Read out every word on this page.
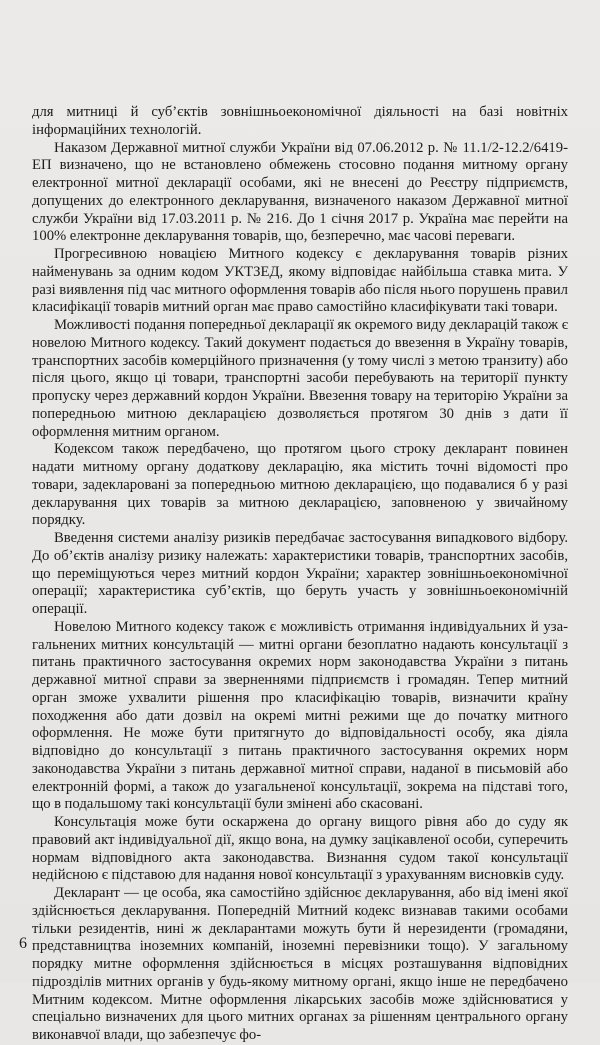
для митниці й суб’єктів зовнішньоекономічної діяльності на базі новітніх інформаційних технологій.

Наказом Державної митної служби України від 07.06.2012 р. № 11.1/2-12.2/6419-ЕП визначено, що не встановлено обмежень стосовно подання митному органу електронної митної декларації особами, які не внесені до Реєстру підприємств, допущених до електронного декларування, визначеного наказом Державної митної служби України від 17.03.2011 р. № 216. До 1 січня 2017 р. Україна має перейти на 100% електронне декларування товарів, що, безперечно, має часові переваги.

Прогресивною новацією Митного кодексу є декларування товарів різних найменувань за одним кодом УКТЗЕД, якому відповідає найбільша ставка мита. У разі виявлення під час митного оформлення товарів або після нього порушень правил класифікації товарів митний орган має право самостійно класифікувати такі товари.

Можливості подання попередньої декларації як окремого виду декларацій також є новелою Митного кодексу. Такий документ подається до ввезення в Україну товарів, транспортних засобів комерційного призначення (у тому числі з метою транзиту) або після цього, якщо ці товари, транспортні засоби перебувають на території пункту пропуску через державний кордон України. Ввезення товару на територію України за попередньою митною декларацією дозволяється протягом 30 днів з дати її оформлення митним органом.

Кодексом також передбачено, що протягом цього строку декларант повинен надати митному органу додаткову декларацію, яка містить точні відомості про товари, задекларовані за попередньою митною декларацією, що подавалися б у разі декларування цих товарів за митною декларацією, заповненою у звичайному порядку.

Введення системи аналізу ризиків передбачає застосування випадкового відбору. До об’єктів аналізу ризику належать: характеристики товарів, транспортних засобів, що переміщуються через митний кордон України; характер зовнішньоекономічної операції; характеристика суб’єктів, що беруть участь у зовнішньоекономічній операції.

Новелою Митного кодексу також є можливість отримання індивідуальних й узагальнених митних консультацій — митні органи безоплатно надають консультації з питань практичного застосування окремих норм законодавства України з питань державної митної справи за зверненнями підприємств і громадян. Тепер митний орган зможе ухвалити рішення про класифікацію товарів, визначити країну походження або дати дозвіл на окремі митні режими ще до початку митного оформлення. Не може бути притягнуто до відповідальності особу, яка діяла відповідно до консультації з питань практичного застосування окремих норм законодавства України з питань державної митної справи, наданої в письмовій або електронній формі, а також до узагальненої консультації, зокрема на підставі того, що в подальшому такі консультації були змінені або скасовані.

Консультація може бути оскаржена до органу вищого рівня або до суду як правовий акт індивідуальної дії, якщо вона, на думку зацікавленої особи, суперечить нормам відповідного акта законодавства. Визнання судом такої консультації недійсною є підставою для надання нової консультації з урахуванням висновків суду.

Декларант — це особа, яка самостійно здійснює декларування, або від імені якої здійснюється декларування. Попередній Митний кодекс визнавав такими особами тільки резидентів, нині ж декларантами можуть бути й нерезиденти (громадяни, представництва іноземних компаній, іноземні перевізники тощо). У загальному порядку митне оформлення здійснюється в місцях розташування відповідних підрозділів митних органів у будь-якому митному органі, якщо інше не передбачено Митним кодексом. Митне оформлення лікарських засобів може здійснюватися у спеціально визначених для цього митних органах за рішенням центрального органу виконавчої влади, що забезпечує фо-

6
